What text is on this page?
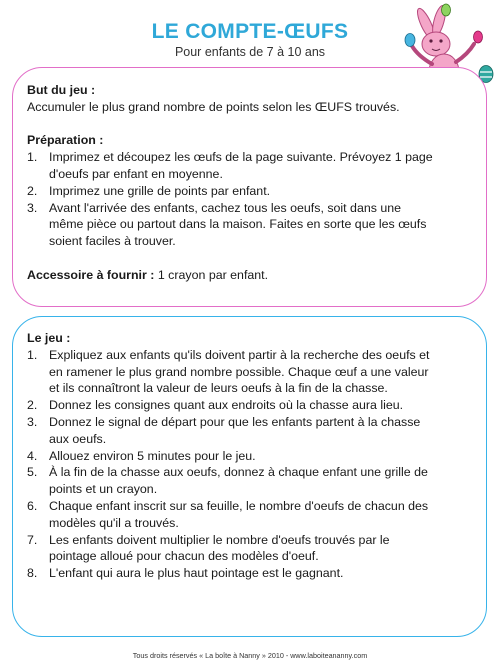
LE COMPTE-ŒUFS
Pour enfants de 7 à 10 ans
But du jeu :
Accumuler le plus grand nombre de points selon les ŒUFS trouvés.
Préparation :
1. Imprimez et découpez les œufs de la page suivante. Prévoyez 1 page
d'oeufs par enfant en moyenne.
2. Imprimez une grille de points par enfant.
3. Avant l'arrivée des enfants, cachez tous les oeufs, soit dans une
même pièce ou partout dans la maison. Faites en sorte que les œufs
soient faciles à trouver.
Accessoire à fournir : 1 crayon par enfant.
Le jeu :
1. Expliquez aux enfants qu'ils doivent partir à la recherche des oeufs et
en ramener le plus grand nombre possible. Chaque œuf a une valeur
et ils connaîtront la valeur de leurs oeufs à la fin de la chasse.
2. Donnez les consignes quant aux endroits où la chasse aura lieu.
3. Donnez le signal de départ pour que les enfants partent à la chasse
aux oeufs.
4. Allouez environ 5 minutes pour le jeu.
5. À la fin de la chasse aux oeufs, donnez à chaque enfant une grille de
points et un crayon.
6. Chaque enfant inscrit sur sa feuille, le nombre d'oeufs de chacun des
modèles qu'il a trouvés.
7. Les enfants doivent multiplier le nombre d'oeufs trouvés par le
pointage alloué pour chacun des modèles d'oeuf.
8. L'enfant qui aura le plus haut pointage est le gagnant.
Tous droits réservés « La boîte à Nanny » 2010 - www.laboiteananny.com
